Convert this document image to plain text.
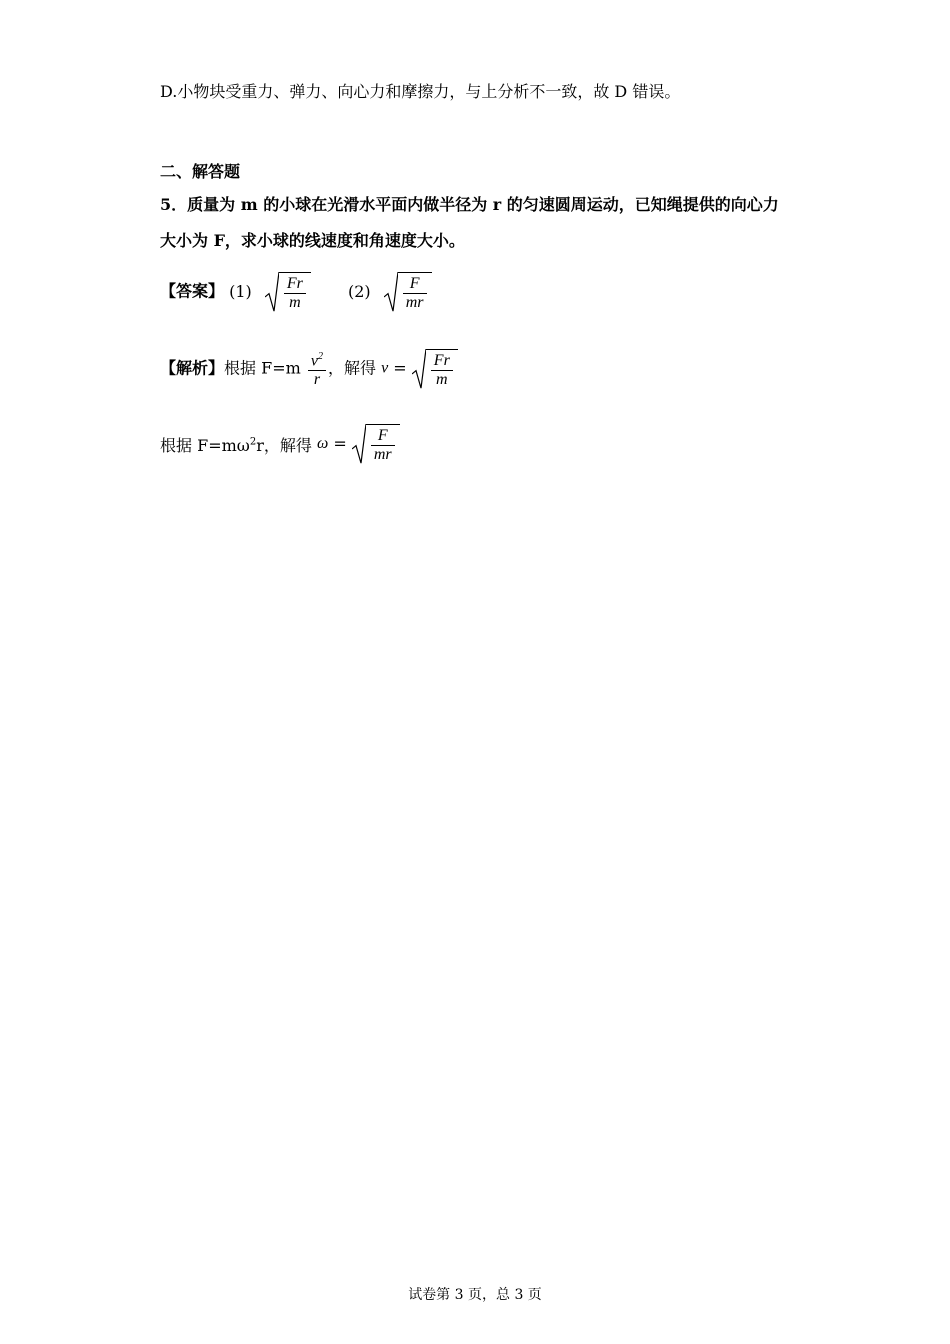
D.小物块受重力、弹力、向心力和摩擦力，与上分析不一致，故 D 错误。
二、解答题
5．质量为 m 的小球在光滑水平面内做半径为 r 的匀速圆周运动，已知绳提供的向心力
大小为 F，求小球的线速度和角速度大小。
【答案】 $(1) \frac{Fr}{m}$	$(2) \frac{F}{mr}$
【解析】根据 $F=m \frac{v^2}{r}$ ，解得 $v = \frac{Fr}{m}$
根据 $F=m\omega^2r$，解得 $\omega = \frac{F}{mr}$
试卷第 3 页，总 3 页
